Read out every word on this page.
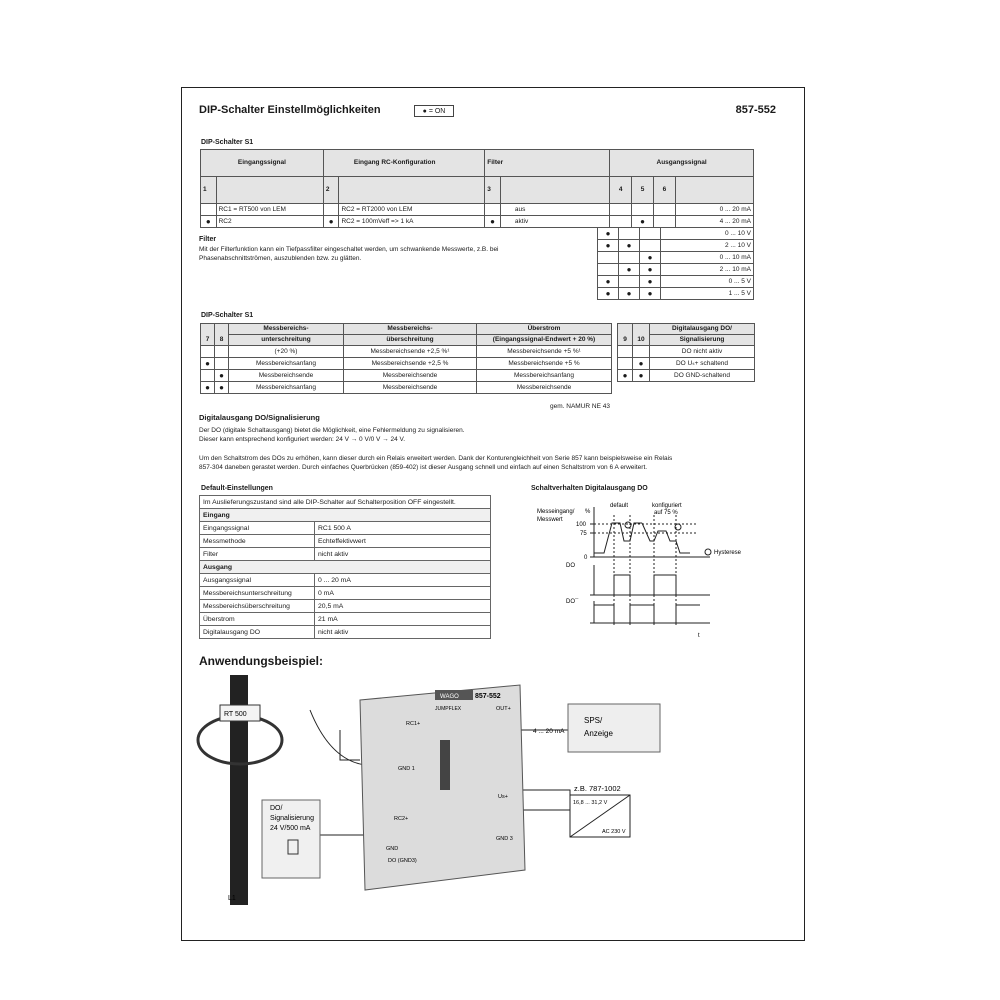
DIP-Schalter Einstellmöglichkeiten	● = ON	857-552
DIP-Schalter S1
Eingangssignal		Eingang RC-Konfiguration		Filter		Ausgangssignal			
1		2		3		4	5	6	
	RC1 = RT500 von LEM		RC2 = RT2000 von LEM		aus				0 ... 20 mA
●	RC2	●	RC2 = 100mVeff => 1 kA	●	aktiv		●		4 ... 20 mA
●			0 ... 10 V
●	●		2 ... 10 V
		●	0 ... 10 mA
	●	●	2 ... 10 mA
●		●	0 ... 5 V
●	●	●	1 ... 5 V
Filter
Mit der Filterfunktion kann ein Tiefpassfilter eingeschaltet werden, um schwankende Messwerte, z.B. bei
Phasenabschnittströmen, auszublenden bzw. zu glätten.
DIP-Schalter S1
7	8	Messbereichs-	Messbereichs-	Überstrom
		unterschreitung	überschreitung	(Eingangssignal-Endwert + 20 %)
		(+20 %)	Messbereichsende +2,5 %¹	Messbereichsende +5 %¹
●		Messbereichsanfang	Messbereichsende +2,5 %	Messbereichsende +5 %
	●	Messbereichsende	Messbereichsende	Messbereichsanfang
●	●	Messbereichsanfang	Messbereichsende	Messbereichsende
9	10	Digitalausgang DO/
		Signalisierung
		DO nicht aktiv
	●	DO Uₛ+ schaltend
●	●	DO GND-schaltend
gem. NAMUR NE 43
Digitalausgang DO/Signalisierung
Der DO (digitale Schaltausgang) bietet die Möglichkeit, eine Fehlermeldung zu signalisieren.
Dieser kann entsprechend konfiguriert werden: 24 V → 0 V/0 V → 24 V.
Um den Schaltstrom des DOs zu erhöhen, kann dieser durch ein Relais erweitert werden. Dank der Konturengleichheit von Serie 857 kann beispielsweise ein Relais
857-304 daneben gerastet werden. Durch einfaches Querbrücken (859-402) ist dieser Ausgang schnell und einfach auf einen Schaltstrom von 6 A erweitert.
Default-Einstellungen
Im Auslieferungszustand sind alle DIP-Schalter auf Schalterposition OFF eingestellt.	
Eingang	
Eingangssignal	RC1 500 A
Messmethode	Echteffektivwert
Filter	nicht aktiv
Ausgang	
Ausgangssignal	0 ... 20 mA
Messbereichsunterschreitung	0 mA
Messbereichsüberschreitung	20,5 mA
Überstrom	21 mA
Digitalausgang DO	nicht aktiv
Schaltverhalten Digitalausgang DO
Messeingang/
Messwert
%
100
75
0
default	konfiguriert
auf 75 %
Hysterese
DO
DO¯
t
Anwendungsbeispiel:
RT 500
L1
DO/
Signalisierung
24 V/500 mA
WAGO 857-552
JUMPFLEX
RC1+
GND 1
RC2+
GND
DO (GND3)
OUT+
Us+
GND 3
4 ... 20 mA
SPS/
Anzeige
z.B. 787-1002
16,8 ... 31,2 V
AC 230 V
